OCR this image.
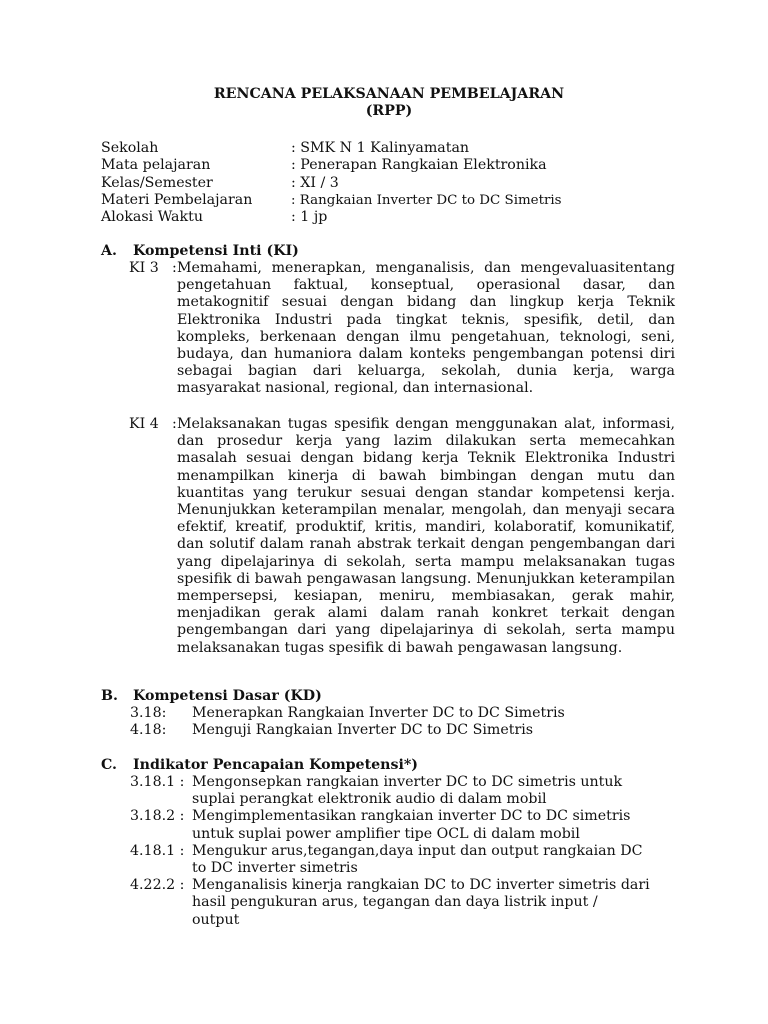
RENCANA PELAKSANAAN PEMBELAJARAN
(RPP)
Sekolah	: SMK N 1 Kalinyamatan
Mata pelajaran	: Penerapan Rangkaian Elektronika
Kelas/Semester	: XI / 3
Materi Pembelajaran	: Rangkaian Inverter DC to DC Simetris
Alokasi Waktu	: 1 jp
A.	Kompetensi Inti (KI)
KI 3 : Memahami, menerapkan, menganalisis, dan mengevaluasitentang pengetahuan faktual, konseptual, operasional dasar, dan metakognitif sesuai dengan bidang dan lingkup kerja Teknik Elektronika Industri pada tingkat teknis, spesifik, detil, dan kompleks, berkenaan dengan ilmu pengetahuan, teknologi, seni, budaya, dan humaniora dalam konteks pengembangan potensi diri sebagai bagian dari keluarga, sekolah, dunia kerja, warga masyarakat nasional, regional, dan internasional.
KI 4 : Melaksanakan tugas spesifik dengan menggunakan alat, informasi, dan prosedur kerja yang lazim dilakukan serta memecahkan masalah sesuai dengan bidang kerja Teknik Elektronika Industri menampilkan kinerja di bawah bimbingan dengan mutu dan kuantitas yang terukur sesuai dengan standar kompetensi kerja. Menunjukkan keterampilan menalar, mengolah, dan menyaji secara efektif, kreatif, produktif, kritis, mandiri, kolaboratif, komunikatif, dan solutif dalam ranah abstrak terkait dengan pengembangan dari yang dipelajarinya di sekolah, serta mampu melaksanakan tugas spesifik di bawah pengawasan langsung. Menunjukkan keterampilan mempersepsi, kesiapan, meniru, membiasakan, gerak mahir, menjadikan gerak alami dalam ranah konkret terkait dengan pengembangan dari yang dipelajarinya di sekolah, serta mampu melaksanakan tugas spesifik di bawah pengawasan langsung.
B.	Kompetensi Dasar (KD)
3.18:	Menerapkan Rangkaian Inverter DC to DC Simetris
4.18:	Menguji Rangkaian Inverter DC to DC Simetris
C.	Indikator Pencapaian Kompetensi*)
3.18.1 : Mengonsepkan rangkaian inverter DC to DC simetris untuk
suplai perangkat elektronik audio di dalam mobil
3.18.2 : Mengimplementasikan rangkaian inverter DC to DC simetris
untuk suplai power amplifier tipe OCL di dalam mobil
4.18.1 : Mengukur arus,tegangan,daya input dan output rangkaian DC
to DC inverter simetris
4.22.2 : Menganalisis kinerja rangkaian DC to DC inverter simetris dari
hasil pengukuran arus, tegangan dan daya listrik input /
output
